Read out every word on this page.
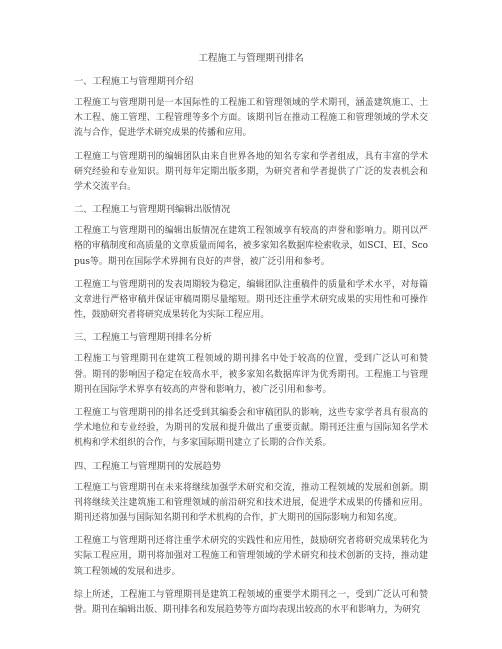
工程施工与管理期刊排名
一、工程施工与管理期刊介绍

工程施工与管理期刊是一本国际性的工程施工和管理领域的学术期刊，涵盖建筑施工、土木工程、施工管理、工程管理等多个方面。该期刊旨在推动工程施工和管理领域的学术交流与合作，促进学术研究成果的传播和应用。

工程施工与管理期刊的编辑团队由来自世界各地的知名专家和学者组成，具有丰富的学术研究经验和专业知识。期刊每年定期出版多期，为研究者和学者提供了广泛的发表机会和学术交流平台。

二、工程施工与管理期刊编辑出版情况

工程施工与管理期刊的编辑出版情况在建筑工程领域享有较高的声誉和影响力。期刊以严格的审稿制度和高质量的文章质量而闻名，被多家知名数据库检索收录，如SCI、EI、Scopus等。期刊在国际学术界拥有良好的声誉，被广泛引用和参考。

工程施工与管理期刊的发表周期较为稳定，编辑团队注重稿件的质量和学术水平，对每篇文章进行严格审稿并保证审稿周期尽量缩短。期刊还注重学术研究成果的实用性和可操作性，鼓励研究者将研究成果转化为实际工程应用。

三、工程施工与管理期刊排名分析

工程施工与管理期刊在建筑工程领域的期刊排名中处于较高的位置，受到广泛认可和赞誉。期刊的影响因子稳定在较高水平，被多家知名数据库评为优秀期刊。工程施工与管理期刊在国际学术界享有较高的声誉和影响力，被广泛引用和参考。

工程施工与管理期刊的排名还受到其编委会和审稿团队的影响，这些专家学者具有很高的学术地位和专业经验，为期刊的发展和提升做出了重要贡献。期刊还注重与国际知名学术机构和学术组织的合作，与多家国际期刊建立了长期的合作关系。

四、工程施工与管理期刊的发展趋势

工程施工与管理期刊在未来将继续加强学术研究和交流，推动工程领域的发展和创新。期刊将继续关注建筑施工和管理领域的前沿研究和技术进展，促进学术成果的传播和应用。期刊还将加强与国际知名期刊和学术机构的合作，扩大期刊的国际影响力和知名度。

工程施工与管理期刊还将注重学术研究的实践性和应用性，鼓励研究者将研究成果转化为实际工程应用，期刊将加强对工程施工和管理领域的学术研究和技术创新的支持，推动建筑工程领域的发展和进步。

综上所述，工程施工与管理期刊是建筑工程领域的重要学术期刊之一，受到广泛认可和赞誉。期刊在编辑出版、期刊排名和发展趋势等方面均表现出较高的水平和影响力，为研究
